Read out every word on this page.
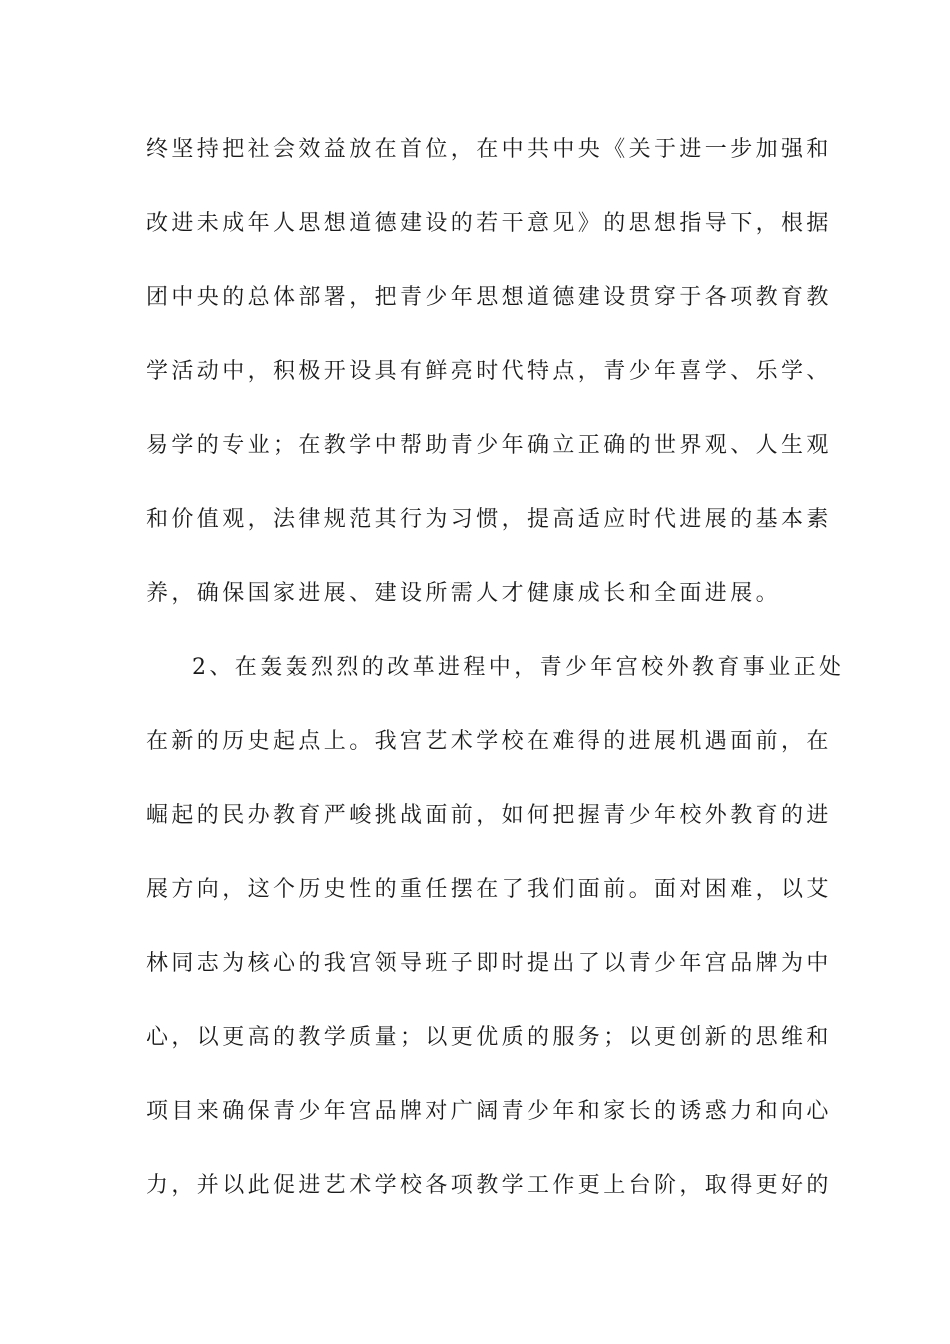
终坚持把社会效益放在首位，在中共中央《关于进一步加强和
改进未成年人思想道德建设的若干意见》的思想指导下，根据
团中央的总体部署，把青少年思想道德建设贯穿于各项教育教
学活动中，积极开设具有鲜亮时代特点，青少年喜学、乐学、
易学的专业；在教学中帮助青少年确立正确的世界观、人生观
和价值观，法律规范其行为习惯，提高适应时代进展的基本素
养，确保国家进展、建设所需人才健康成长和全面进展。
2、在轰轰烈烈的改革进程中，青少年宫校外教育事业正处
在新的历史起点上。我宫艺术学校在难得的进展机遇面前，在
崛起的民办教育严峻挑战面前，如何把握青少年校外教育的进
展方向，这个历史性的重任摆在了我们面前。面对困难，以艾
林同志为核心的我宫领导班子即时提出了以青少年宫品牌为中
心，以更高的教学质量；以更优质的服务；以更创新的思维和
项目来确保青少年宫品牌对广阔青少年和家长的诱惑力和向心
力，并以此促进艺术学校各项教学工作更上台阶，取得更好的
